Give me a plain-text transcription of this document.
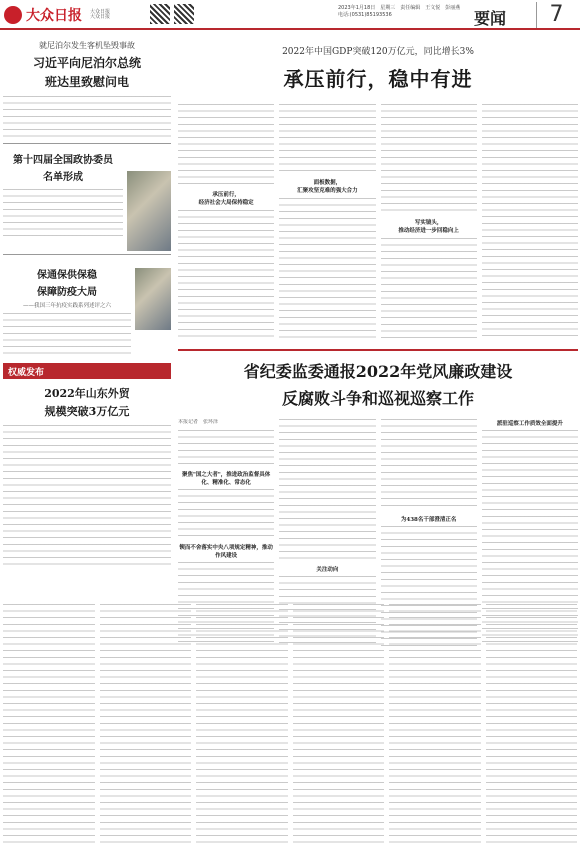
大众日报 大众日报
大众日报
2023年1月18日　星期三　责任编辑　王文悦　彭丽燕
电话:(0531)85193536	要闻	7
就尼泊尔发生客机坠毁事故
习近平向尼泊尔总统
班达里致慰问电
第十四届全国政协委员
名单形成
保通保供保稳
保障防疫大局
——我国三年抗疫实践系列述评之六
权威发布
2022年山东外贸
规模突破3万亿元
2022年中国GDP突破120万亿元，同比增长3%
承压前行，稳中有进
承压前行，
经济社会大局保持稳定
面板数据，
汇聚攻坚克难的强大合力
写实镜头，
推动经济进一步回稳向上
省纪委监委通报2022年党风廉政建设
反腐败斗争和巡视巡察工作
本报记者　张环泽
聚焦"国之大者"，推进政治监督具体化、精准化、常态化
锲而不舍落实中央八项规定精神，推动作风建设
关注动向
为438名干部澄清正名
派驻巡察工作质效全面提升
